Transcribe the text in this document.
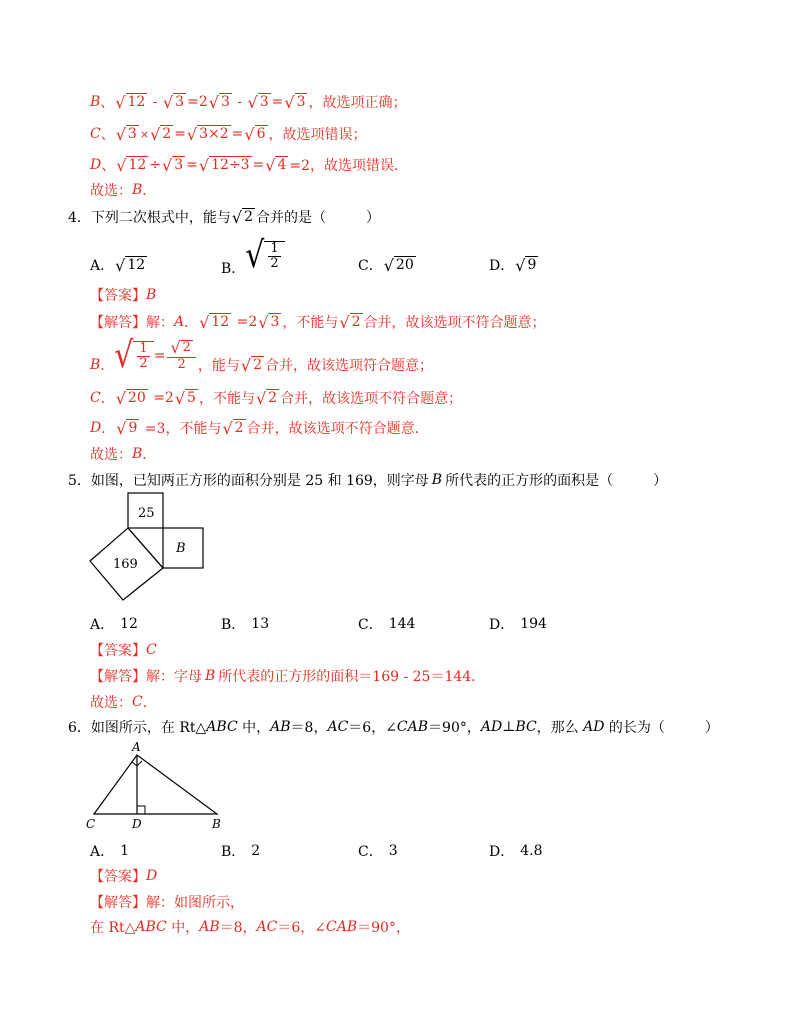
B 、 √ 12 - √ 3 =2 √ 3 - √ 3 = √ 3 ，故选项正确；
C 、 √ 3 × √ 2 = √ 3×2 = √ 6 ，故选项错误；
D 、 √ 12 ÷ √ 3 = √ 12÷3 = √ 4 =2，故选项错误．
故选： B ．
4．下列二次根式中，能与 √ 2 合并的是（	）
A． √ 12	B． √ $\frac{1}{2}$	C． √ 20	D． √ 9
【答案】 B
【解答】 解： A ． √ 12 =2 √ 3 ，不能与 √ 2 合并，故该选项不符合题意；
B ． √ $\frac{1}{2} = \frac{√ 2}{2}$ ，能与 √ 2 合并，故该选项符合题意；
C ． √ 20 =2 √ 5 ，不能与 √ 2 合并，故该选项不符合题意；
D ． √ 9 =3，不能与 √ 2 合并，故该选项不符合题意．
故选： B ．
5．如图，已知两正方形的面积分别是 25 和 169，则字母 B 所代表的正方形的面积是（	）
25
169
B
A． 12	B． 13	C． 144	D． 194
【答案】 C
【解答】 解：字母 B 所代表的正方形的面积＝169 - 25＝144．
故选： C ．
6．如图所示，在 Rt△ ABC 中， AB ＝8， AC ＝6，∠ CAB ＝90°， AD ⊥ BC ，那么 AD 的长为（	）
A
C	D	B
A． 1	B． 2	C． 3	D． 4.8
【答案】 D
【解答】 解：如图所示，
在 Rt△ ABC 中， AB ＝8， AC ＝6，∠ CAB ＝90°，
